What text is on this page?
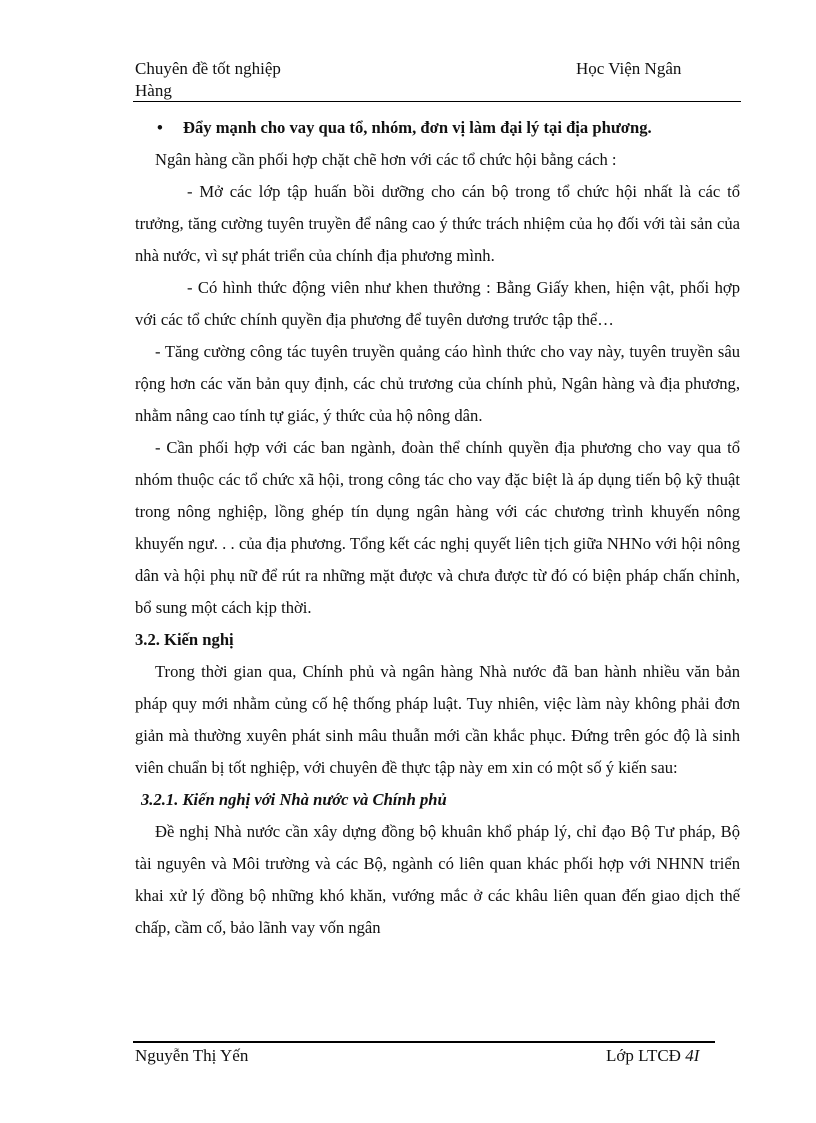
Chuyên đề tốt nghiệp
Hàng
Học Viện Ngân

• Đẩy mạnh cho vay qua tổ, nhóm, đơn vị làm đại lý tại địa phương.

Ngân hàng cần phối hợp chặt chẽ hơn với các tổ chức hội bằng cách :

- Mở các lớp tập huấn bồi dưỡng cho cán bộ trong tổ chức hội nhất là các tổ trưởng, tăng cường tuyên truyền để nâng cao ý thức trách nhiệm của họ đối với tài sản của nhà nước, vì sự phát triển của chính địa phương mình.

- Có hình thức động viên như khen thưởng : Bằng Giấy khen, hiện vật, phối hợp với các tổ chức chính quyền địa phương để tuyên dương trước tập thể…

- Tăng cường công tác tuyên truyền quảng cáo hình thức cho vay này, tuyên truyền sâu rộng hơn các văn bản quy định, các chủ trương của chính phủ, Ngân hàng và địa phương, nhằm nâng cao tính tự giác, ý thức của hộ nông dân.

- Cần phối hợp với các ban ngành, đoàn thể chính quyền địa phương cho vay qua tổ nhóm thuộc các tổ chức xã hội, trong công tác cho vay đặc biệt là áp dụng tiến bộ kỹ thuật trong nông nghiệp, lồng ghép tín dụng ngân hàng với các chương trình khuyến nông khuyến ngư. . . của địa phương. Tổng kết các nghị quyết liên tịch giữa NHNo với hội nông dân và hội phụ nữ để rút ra những mặt được và chưa được từ đó có biện pháp chấn chỉnh, bổ sung một cách kịp thời.

3.2. Kiến nghị

Trong thời gian qua, Chính phủ và ngân hàng Nhà nước đã ban hành nhiều văn bản pháp quy mới nhằm củng cố hệ thống pháp luật. Tuy nhiên, việc làm này không phải đơn giản mà thường xuyên phát sinh mâu thuẫn mới cần khắc phục. Đứng trên góc độ là sinh viên chuẩn bị tốt nghiệp, với chuyên đề thực tập này em xin có một số ý kiến sau:

3.2.1. Kiến nghị với Nhà nước và Chính phủ

Đề nghị Nhà nước cần xây dựng đồng bộ khuân khổ pháp lý, chỉ đạo Bộ Tư pháp, Bộ tài nguyên và Môi trường và các Bộ, ngành có liên quan khác phối hợp với NHNN triển khai xử lý đồng bộ những khó khăn, vướng mắc ở các khâu liên quan đến giao dịch thế chấp, cầm cố, bảo lãnh vay vốn ngân

Nguyễn Thị Yến	Lớp LTCĐ 4I
